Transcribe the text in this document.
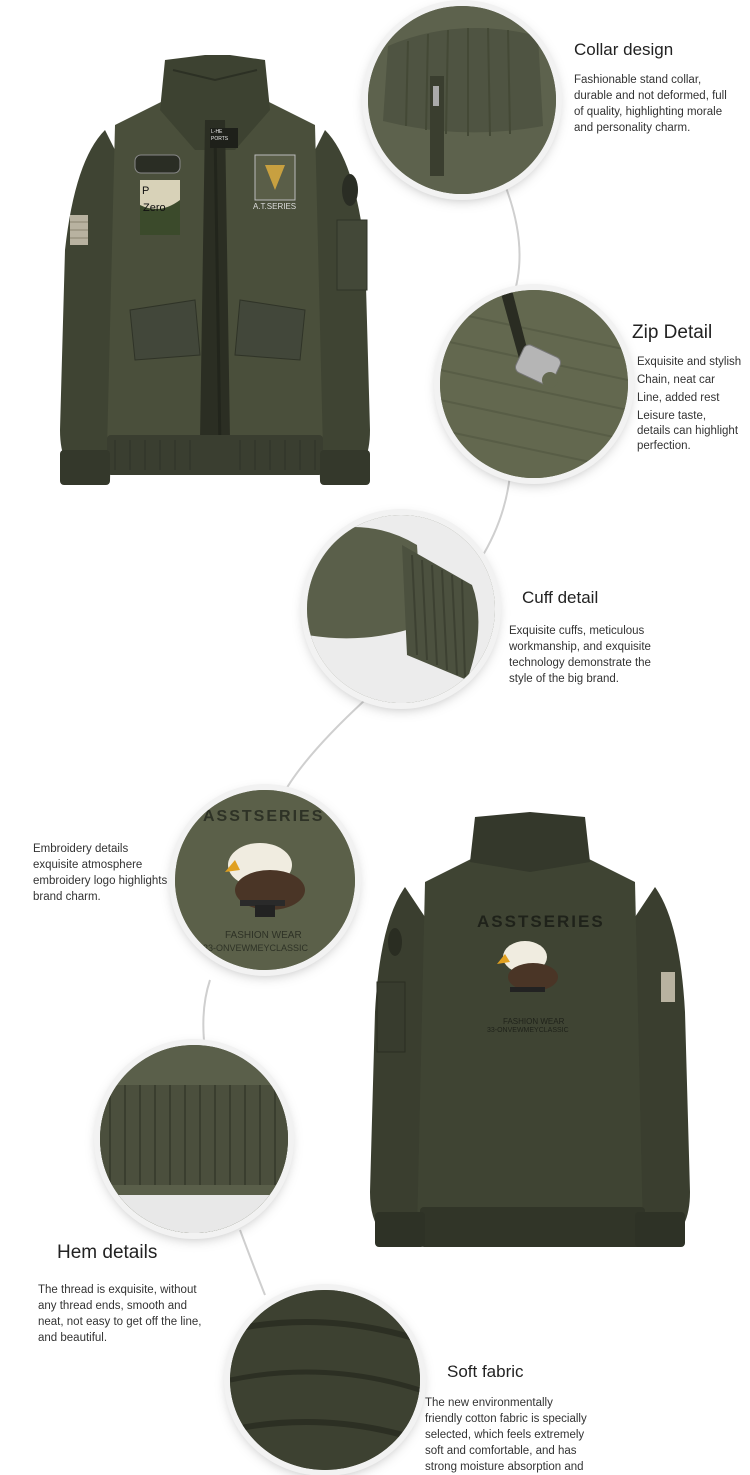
P
Zero	A.T.SERIES
L-HE
PORTS
Collar design
Fashionable stand collar,
durable and not deformed, full
of quality, highlighting morale
and personality charm.
Zip Detail
Exquisite and stylish
Chain, neat car
Line, added rest
Leisure taste,
details can highlight
perfection.
Cuff detail
Exquisite cuffs, meticulous
workmanship, and exquisite
technology demonstrate the
style of the big brand.
Embroidery details
exquisite atmosphere
embroidery logo highlights
brand charm.
ASSTSERIES
FASHION WEAR
33-ONVEWMEYCLASSIC
ASSTSERIES
FASHION WEAR
33-ONVEWMEYCLASSIC
Hem details
The thread is exquisite, without
any thread ends, smooth and
neat, not easy to get off the line,
and beautiful.
Soft fabric
The new environmentally
friendly cotton fabric is specially
selected, which feels extremely
soft and comfortable, and has
strong moisture absorption and
